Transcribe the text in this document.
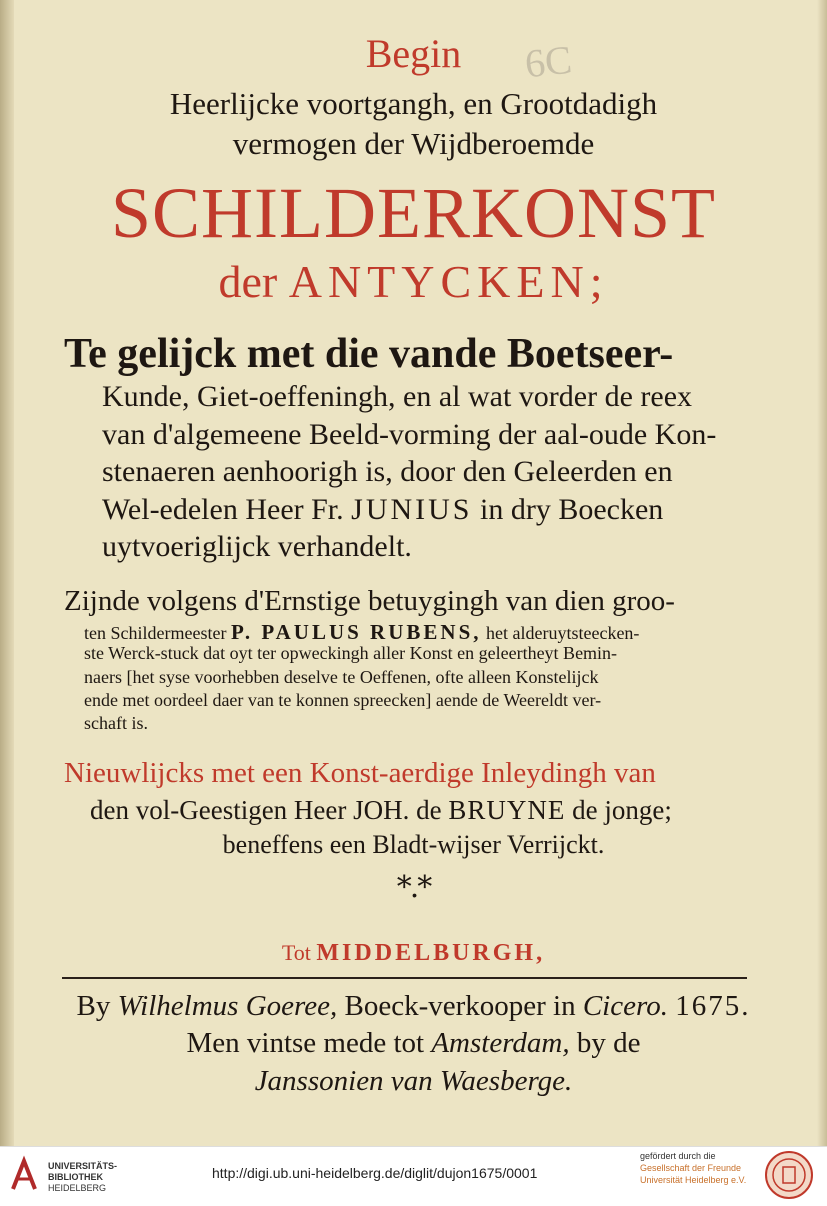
6C
Begin
Heerlijcke voortgangh, en Grootdadigh
vermogen der Wijdberoemde
SCHILDERKONST
der ANTYCKEN;
Te gelijck met die vande Boetseer-
Kunde, Giet-oeffeningh, en al wat vorder de reex
van d'algemeene Beeld-vorming der aal-oude Kon-
stenaeren aenhoorigh is, door den Geleerden en
Wel-edelen Heer Fr. JUNIUS in dry Boecken
uytvoeriglijck verhandelt.
Zijnde volgens d'Ernstige betuygingh van dien groo-
ten Schildermeester P. PAULUS RUBENS, het alderuytsteecken-
ste Werck-stuck dat oyt ter opweckingh aller Konst en geleertheyt Bemin-
naers [het syse voorhebben deselve te Oeffenen, ofte alleen Konstelijck
ende met oordeel daer van te konnen spreecken] aende de Weereldt ver-
schaft is.
Nieuwlijcks met een Konst-aerdige Inleydingh van
den vol-Geestigen Heer JOH. de BRUYNE de jonge;
beneffens een Bladt-wijser Verrijckt.
*.*
Tot MIDDELBURGH,
By Wilhelmus Goeree, Boeck-verkooper in Cicero. 1675.
Men vintse mede tot Amsterdam, by de
Janssonien van Waesberge.
UNIVERSITÄTS-
BIBLIOTHEK
HEIDELBERG
http://digi.ub.uni-heidelberg.de/diglit/dujon1675/0001
gefördert durch die
Gesellschaft der Freunde
Universität Heidelberg e.V.
